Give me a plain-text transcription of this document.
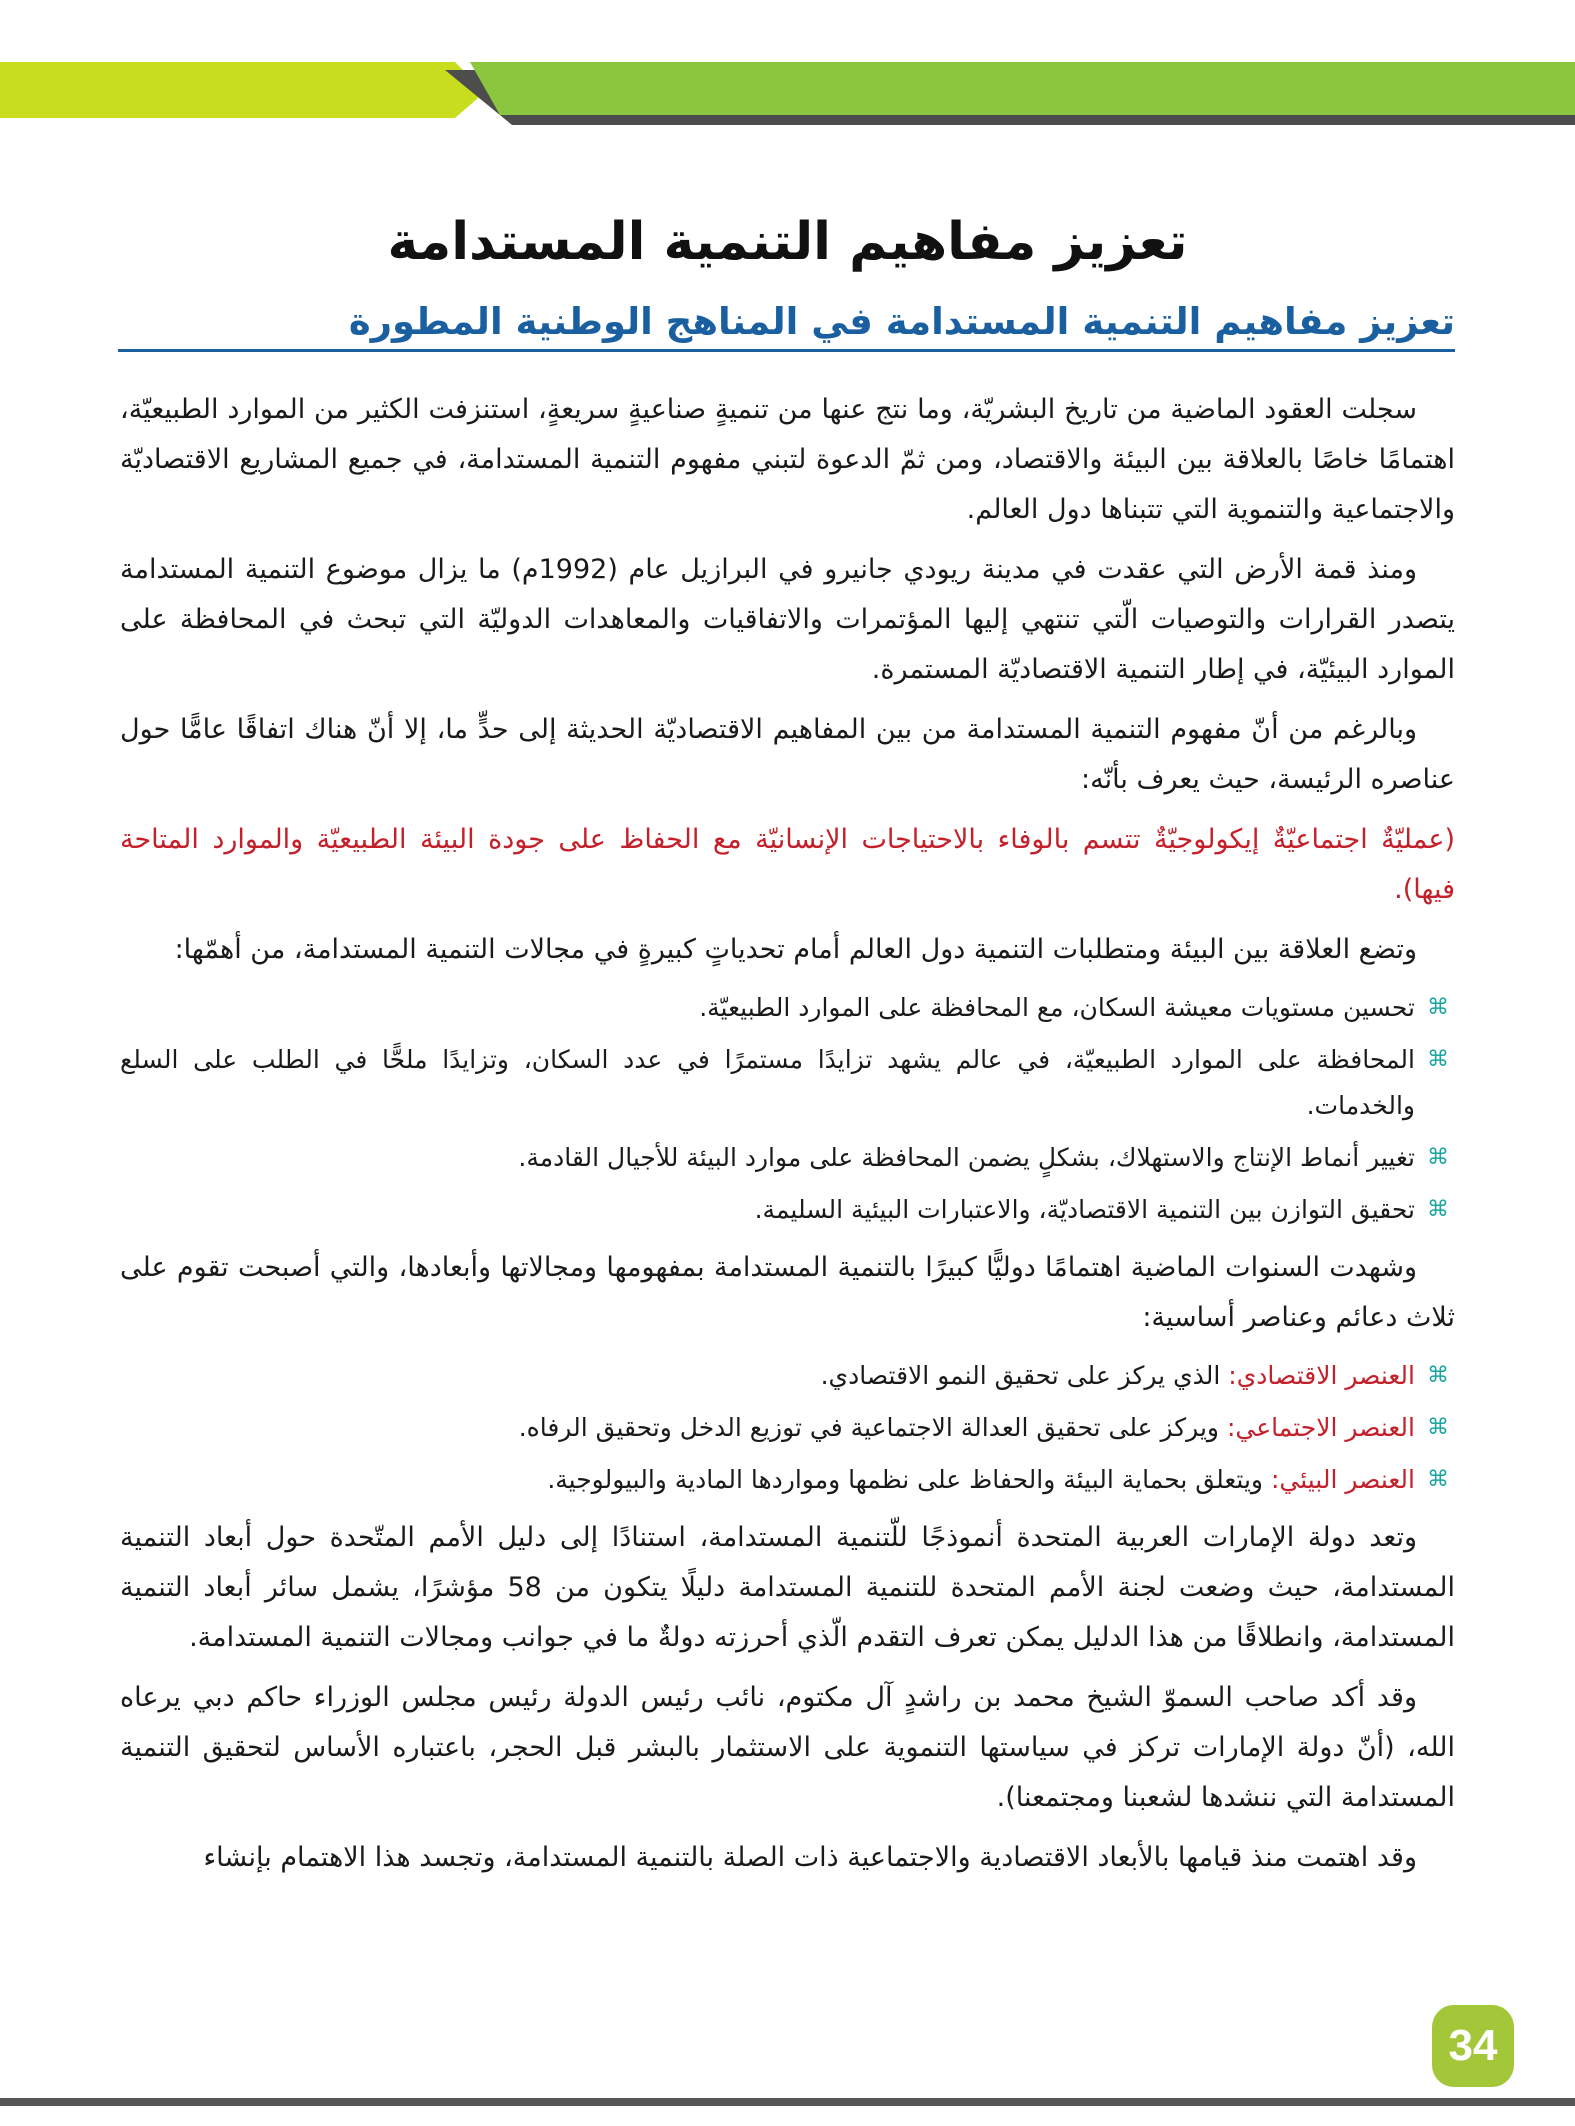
تعزيز مفاهيم التنمية المستدامة
تعزيز مفاهيم التنمية المستدامة في المناهج الوطنية المطورة

سجلت العقود الماضية من تاريخ البشريّة، وما نتج عنها من تنميةٍ صناعيةٍ سريعةٍ، استنزفت الكثير من الموارد الطبيعيّة، اهتمامًا خاصًا بالعلاقة بين البيئة والاقتصاد، ومن ثمّ الدعوة لتبني مفهوم التنمية المستدامة، في جميع المشاريع الاقتصاديّة والاجتماعية والتنموية التي تتبناها دول العالم.

ومنذ قمة الأرض التي عقدت في مدينة ريودي جانيرو في البرازيل عام (1992م) ما يزال موضوع التنمية المستدامة يتصدر القرارات والتوصيات الّتي تنتهي إليها المؤتمرات والاتفاقيات والمعاهدات الدوليّة التي تبحث في المحافظة على الموارد البيئيّة، في إطار التنمية الاقتصاديّة المستمرة.

وبالرغم من أنّ مفهوم التنمية المستدامة من بين المفاهيم الاقتصاديّة الحديثة إلى حدٍّ ما، إلا أنّ هناك اتفاقًا عامًّا حول عناصره الرئيسة، حيث يعرف بأنّه:

(عمليّةٌ اجتماعيّةٌ إيكولوجيّةٌ تتسم بالوفاء بالاحتياجات الإنسانيّة مع الحفاظ على جودة البيئة الطبيعيّة والموارد المتاحة فيها).

وتضع العلاقة بين البيئة ومتطلبات التنمية دول العالم أمام تحدياتٍ كبيرةٍ في مجالات التنمية المستدامة، من أهمّها:

⌘
تحسين مستويات معيشة السكان، مع المحافظة على الموارد الطبيعيّة.
⌘
المحافظة على الموارد الطبيعيّة، في عالم يشهد تزايدًا مستمرًا في عدد السكان، وتزايدًا ملحًّا في الطلب على السلع والخدمات.
⌘
تغيير أنماط الإنتاج والاستهلاك، بشكلٍ يضمن المحافظة على موارد البيئة للأجيال القادمة.
⌘
تحقيق التوازن بين التنمية الاقتصاديّة، والاعتبارات البيئية السليمة.

وشهدت السنوات الماضية اهتمامًا دوليًّا كبيرًا بالتنمية المستدامة بمفهومها ومجالاتها وأبعادها، والتي أصبحت تقوم على ثلاث دعائم وعناصر أساسية:

⌘
العنصر الاقتصادي: الذي يركز على تحقيق النمو الاقتصادي.
⌘
العنصر الاجتماعي: ويركز على تحقيق العدالة الاجتماعية في توزيع الدخل وتحقيق الرفاه.
⌘
العنصر البيئي: ويتعلق بحماية البيئة والحفاظ على نظمها ومواردها المادية والبيولوجية.

وتعد دولة الإمارات العربية المتحدة أنموذجًا للّتنمية المستدامة، استنادًا إلى دليل الأمم المتّحدة حول أبعاد التنمية المستدامة، حيث وضعت لجنة الأمم المتحدة للتنمية المستدامة دليلًا يتكون من 58 مؤشرًا، يشمل سائر أبعاد التنمية المستدامة، وانطلاقًا من هذا الدليل يمكن تعرف التقدم الّذي أحرزته دولةٌ ما في جوانب ومجالات التنمية المستدامة.

وقد أكد صاحب السموّ الشيخ محمد بن راشدٍ آل مكتوم، نائب رئيس الدولة رئيس مجلس الوزراء حاكم دبي يرعاه الله، (أنّ دولة الإمارات تركز في سياستها التنموية على الاستثمار بالبشر قبل الحجر، باعتباره الأساس لتحقيق التنمية المستدامة التي ننشدها لشعبنا ومجتمعنا).

وقد اهتمت منذ قيامها بالأبعاد الاقتصادية والاجتماعية ذات الصلة بالتنمية المستدامة، وتجسد هذا الاهتمام بإنشاء

34
